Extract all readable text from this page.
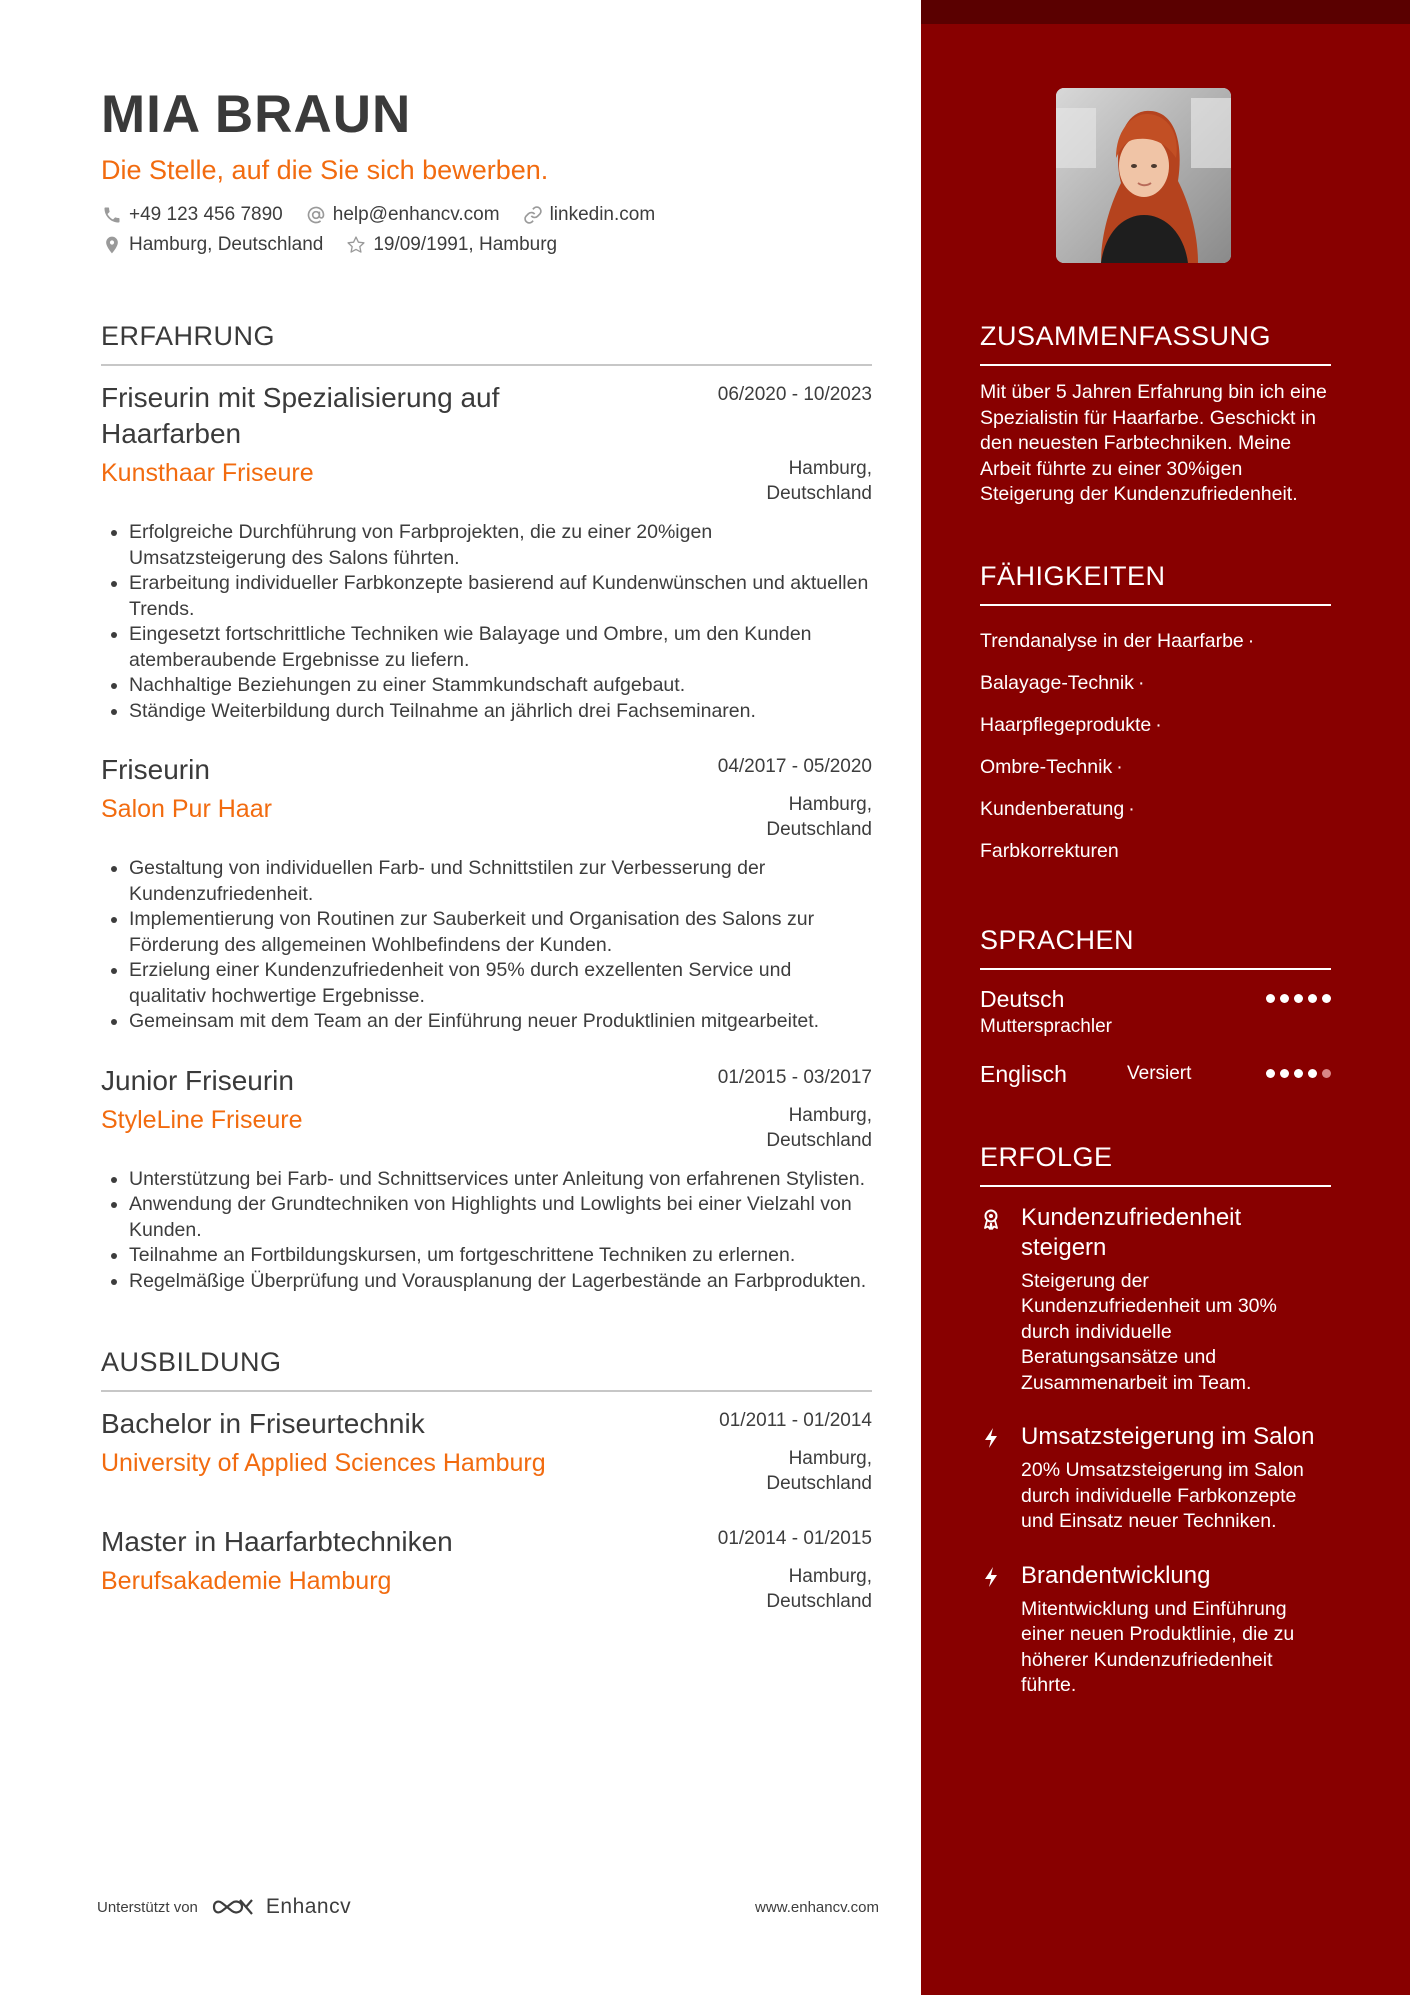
MIA BRAUN
Die Stelle, auf die Sie sich bewerben.
+49 123 456 7890	help@enhancv.com	linkedin.com
Hamburg, Deutschland	19/09/1991, Hamburg
ERFAHRUNG
Friseurin mit Spezialisierung auf Haarfarben
06/2020 - 10/2023
Kunsthaar Friseure	Hamburg, Deutschland
• Erfolgreiche Durchführung von Farbprojekten, die zu einer 20%igen Umsatzsteigerung des Salons führten.
• Erarbeitung individueller Farbkonzepte basierend auf Kundenwünschen und aktuellen Trends.
• Eingesetzt fortschrittliche Techniken wie Balayage und Ombre, um den Kunden atemberaubende Ergebnisse zu liefern.
• Nachhaltige Beziehungen zu einer Stammkundschaft aufgebaut.
• Ständige Weiterbildung durch Teilnahme an jährlich drei Fachseminaren.
Friseurin	04/2017 - 05/2020
Salon Pur Haar	Hamburg, Deutschland
• Gestaltung von individuellen Farb- und Schnittstilen zur Verbesserung der Kundenzufriedenheit.
• Implementierung von Routinen zur Sauberkeit und Organisation des Salons zur Förderung des allgemeinen Wohlbefindens der Kunden.
• Erzielung einer Kundenzufriedenheit von 95% durch exzellenten Service und qualitativ hochwertige Ergebnisse.
• Gemeinsam mit dem Team an der Einführung neuer Produktlinien mitgearbeitet.
Junior Friseurin	01/2015 - 03/2017
StyleLine Friseure	Hamburg, Deutschland
• Unterstützung bei Farb- und Schnittservices unter Anleitung von erfahrenen Stylisten.
• Anwendung der Grundtechniken von Highlights und Lowlights bei einer Vielzahl von Kunden.
• Teilnahme an Fortbildungskursen, um fortgeschrittene Techniken zu erlernen.
• Regelmäßige Überprüfung und Vorausplanung der Lagerbestände an Farbprodukten.
AUSBILDUNG
Bachelor in Friseurtechnik	01/2011 - 01/2014
University of Applied Sciences Hamburg	Hamburg, Deutschland
Master in Haarfarbtechniken	01/2014 - 01/2015
Berufsakademie Hamburg	Hamburg, Deutschland
Unterstützt von	Enhancv	www.enhancv.com
ZUSAMMENFASSUNG
Mit über 5 Jahren Erfahrung bin ich eine Spezialistin für Haarfarbe. Geschickt in den neuesten Farbtechniken. Meine Arbeit führte zu einer 30%igen Steigerung der Kundenzufriedenheit.
FÄHIGKEITEN
Trendanalyse in der Haarfarbe ·
Balayage-Technik ·
Haarpflegeprodukte ·
Ombre-Technik ·
Kundenberatung ·
Farbkorrekturen
SPRACHEN
Deutsch
Muttersprachler
Englisch	Versiert
ERFOLGE
Kundenzufriedenheit steigern
Steigerung der Kundenzufriedenheit um 30% durch individuelle Beratungsansätze und Zusammenarbeit im Team.
Umsatzsteigerung im Salon
20% Umsatzsteigerung im Salon durch individuelle Farbkonzepte und Einsatz neuer Techniken.
Brandentwicklung
Mitentwicklung und Einführung einer neuen Produktlinie, die zu höherer Kundenzufriedenheit führte.
